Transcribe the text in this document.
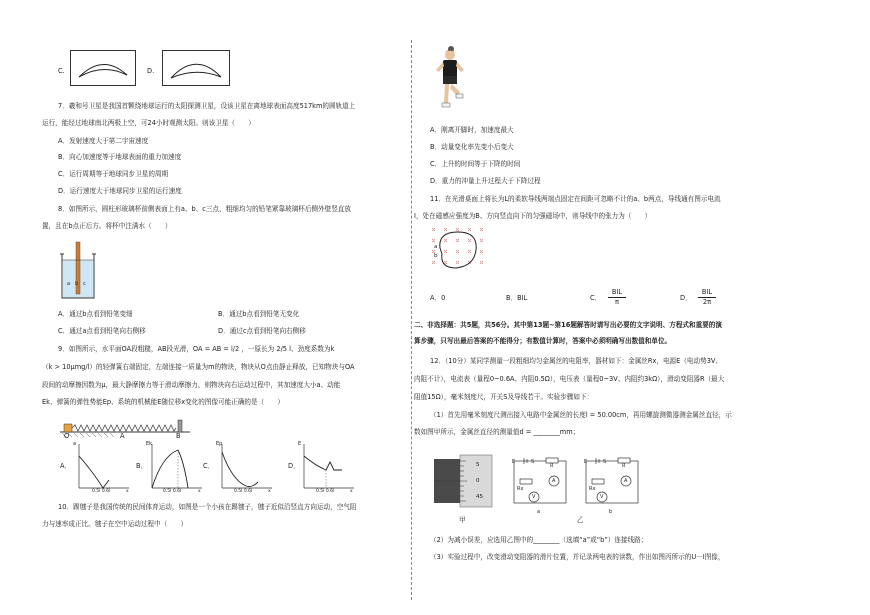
C.	D.
7．羲和号卫星是我国首颗绕地球运行的太阳探测卫星，设该卫星在离地球表面高度517km的圆轨道上
运行，能经过地球南北两极上空，可24小时观测太阳。则该卫星（　　）
A．发射速度大于第二宇宙速度
B．向心加速度等于地球表面的重力加速度
C．运行周期等于地球同步卫星的周期
D．运行速度大于地球同步卫星的运行速度
8．如图所示，圆柱形玻璃杯前侧表面上有a、b、c三点，粗细均匀的铅笔紧靠玻璃杯后侧外壁竖直放
置，且在b点正后方。将杯中注满水（　　）
a b c
A．通过b点看到铅笔变细	B．通过b点看到铅笔无变化
C．通过a点看到铅笔向右侧移	D．通过c点看到铅笔向右侧移
9．如图所示，水平面OA段粗糙，AB段光滑，OA = AB = l/2 ，一原长为 2/5 l、劲度系数为k
（k > 10μmg/l）的轻弹簧右端固定，左端连接一质量为m的物块，物块从O点由静止释放，已知物块与OA
段间的动摩擦因数为μ，最大静摩擦力等于滑动摩擦力，则物块向右运动过程中，其加速度大小a、动能
Ek、弹簧的弹性势能Ep、系统的机械能E随位移x变化的图像可能正确的是（　　）
O	A	B
A．
a
0.5l 0.6l	x
B．
Ek
0.5l 0.6l	x
C．
Ep
0.5l 0.6l	x
D．
E
0.5l 0.6l	x
10．踢毽子是我国传统的民间体育运动，如图是一个小孩在踢毽子，毽子近似沿竖直方向运动，空气阻
力与速率成正比。毽子在空中运动过程中（　　）
A．刚离开脚时，加速度最大
B．动量变化率先变小后变大
C．上升的时间等于下降的时间
D．重力的冲量上升过程大于下降过程
11．在光滑桌面上将长为L的柔软导线两端点固定在间距可忽略不计的a、b两点，导线通有图示电流
I，处在磁感应强度为B、方向竖直向下的匀强磁场中，则导线中的张力为（　　）
a
b
A．0	B．BIL	C．
BIL
π	D．
BIL
2π
二、非选择题：共5题，共56分。其中第13题~第16题解答时请写出必要的文字说明、方程式和重要的演
算步骤，只写出最后答案的不能得分；有数值计算时，答案中必须明确写出数值和单位。
12．（10分）某同学测量一段粗细均匀金属丝的电阻率，器材如下：金属丝Rx，电源E（电动势3V、
内阻不计），电流表（量程0~0.6A、内阻0.5Ω），电压表（量程0~3V、内阻约3kΩ），滑动变阻器R（最大
阻值15Ω），毫米刻度尺，开关S及导线若干。实验步骤如下：
（1）首先用毫米刻度尺测出接入电路中金属丝的长度l = 50.00cm，再用螺旋测微器测金属丝直径，示
数如图甲所示，金属丝直径的测量值d = ________mm；
5
0
45
甲
E	S
R
Rx
A
V
a
E	S
R
Rx
A
V
b
乙
（2）为减小误差，应选用乙图中的________（选填“a”或“b”）连接线路；
（3）实验过程中，改变滑动变阻器的滑片位置，并记录两电表的读数，作出如图丙所示的U－I图像，
